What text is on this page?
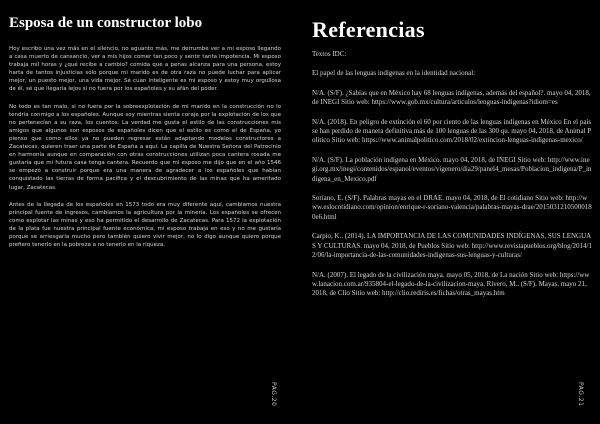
Esposa de un constructor lobo

Hoy escribo una vez más en el silencio, no aguanto más, me derrumbe ver a mi esposo llegando a casa muerto de cansancio, ver a mis hijos comer tan poco y sentir tanta impotencia. Mi esposo trabaja mil horas y ¿qué recibe a cambio? comida que a penas alcanza para una persona, estoy harta de tantos injusticias sólo porque mi marido es de otra raza no puede luchar para aplicar mejor, un puesto mejor, una vida mejor. Sé cuan inteligente es mi esposo y estoy muy orgullosa de él, sé que llegaría lejos si no fuera por los españoles y su afán del poder.

No todo es tan malo, si no fuera por la sobreexplotación de mi marido en la construcción no lo tendría conmigo a los españoles. Aunque soy mientras sienta coraje por la explotación de los que no pertenecían a su raza, los cuentos. La verdad me gusta el estilo de las construcciones mis amigos que algunos son esposos de españoles dicen que el estilo es como el de España, yo pienso que como ellos ya no pueden regresar están adaptando modelos constructores a Zacatecas, quieren traer una parte de España a aquí. La capilla de Nuestra Señora del Patrocinio en harmonía aunque en comparación con otras construcciones utilizan poca cantera rosada me gustaría que mi futura casa tenga cantera. Recuerdo que mi esposo me dijo que en el año 1546 se empezó a construir porque era una manera de agradecer a los españoles que habían conquistado las tierras de forma pacífica y el descubrimiento de las minas que ha ameritado lugar, Zacatecas.

Antes de la llegada de los españoles en 1573 todo era muy diferente aquí, cambiamos nuestra principal fuente de ingresos, cambiamos la agricultura por la minería. Los españoles se ofrecen como explotar las minas y eso ha permitido el desarrollo de Zacatecas. Para 1572 la explotación de la plata fue nuestra principal fuente económica, mi esposo trabaja en eso y no me gustaría porque se arriesgaría mucho pero también quiero vivir mejor, no lo digo aunque quiero porque prefiero tenerlo en la pobreza a no tenerlo en la riqueza.

PAG.20
Referencias

Textos IDC:

El papel de las lenguas indígenas en la identidad nacional:

N/A. (S/F). ¿Sabías que en México hay 68 lenguas indígenas, además del español?. mayo 04, 2018, de INEGI Sitio web: https://www.gob.mx/cultura/articulos/lenguas-indigenas?idiom=es

N/A. (2018). En peligro de extinción el 60 por ciento de las lenguas indígenas en México En el país se han perdido de manera definitiva más de 100 lenguas de las 300 qu. mayo 04, 2018, de Animal Político Sitio web: https://www.animalpolitico.com/2018/02/extincion-lenguas-indigenas-mexico/

N/A. (S/F). La población indígena en México. mayo 04, 2018, de INEGI Sitio web: http://www.inegi.org.mx/inegi/contenidos/espanol/eventos/vigenero/dia29/panel4_mesas/Poblacion_indigena/P_indigena_en_Mexico.pdf

Soriano, E. (S/F). Palabras mayas en el DRAE. mayo 04, 2018, de El cotidiano Sitio web: http://www.eslocotidiano.com/opinion/enrique-r-soriano-valencia/palabras-mayas-drae/20150312105000180e6.html

Carpio, K.. (2014). LA IMPORTANCIA DE LAS COMUNIDADES INDÍGENAS, SUS LENGUAS Y CULTURAS. mayo 04, 2018, de Pueblos Sitio web: http://www.revistapueblos.org/blog/2014/12/06/la-importancia-de-las-comunidades-indigenas-sus-lenguas-y-culturas/

N/A. (2007). El legado de la civilización maya. mayo 05, 2018, de La nación Sitio web: https://www.lanacion.com.ar/935804-el-legado-de-la-civilizacion-maya. Rivero, M.. (S/F). Mayas. mayo 21, 2018, de Clío Sitio web: http://clio.rediris.es/fichas/otras_mayas.htm

PAG.21
